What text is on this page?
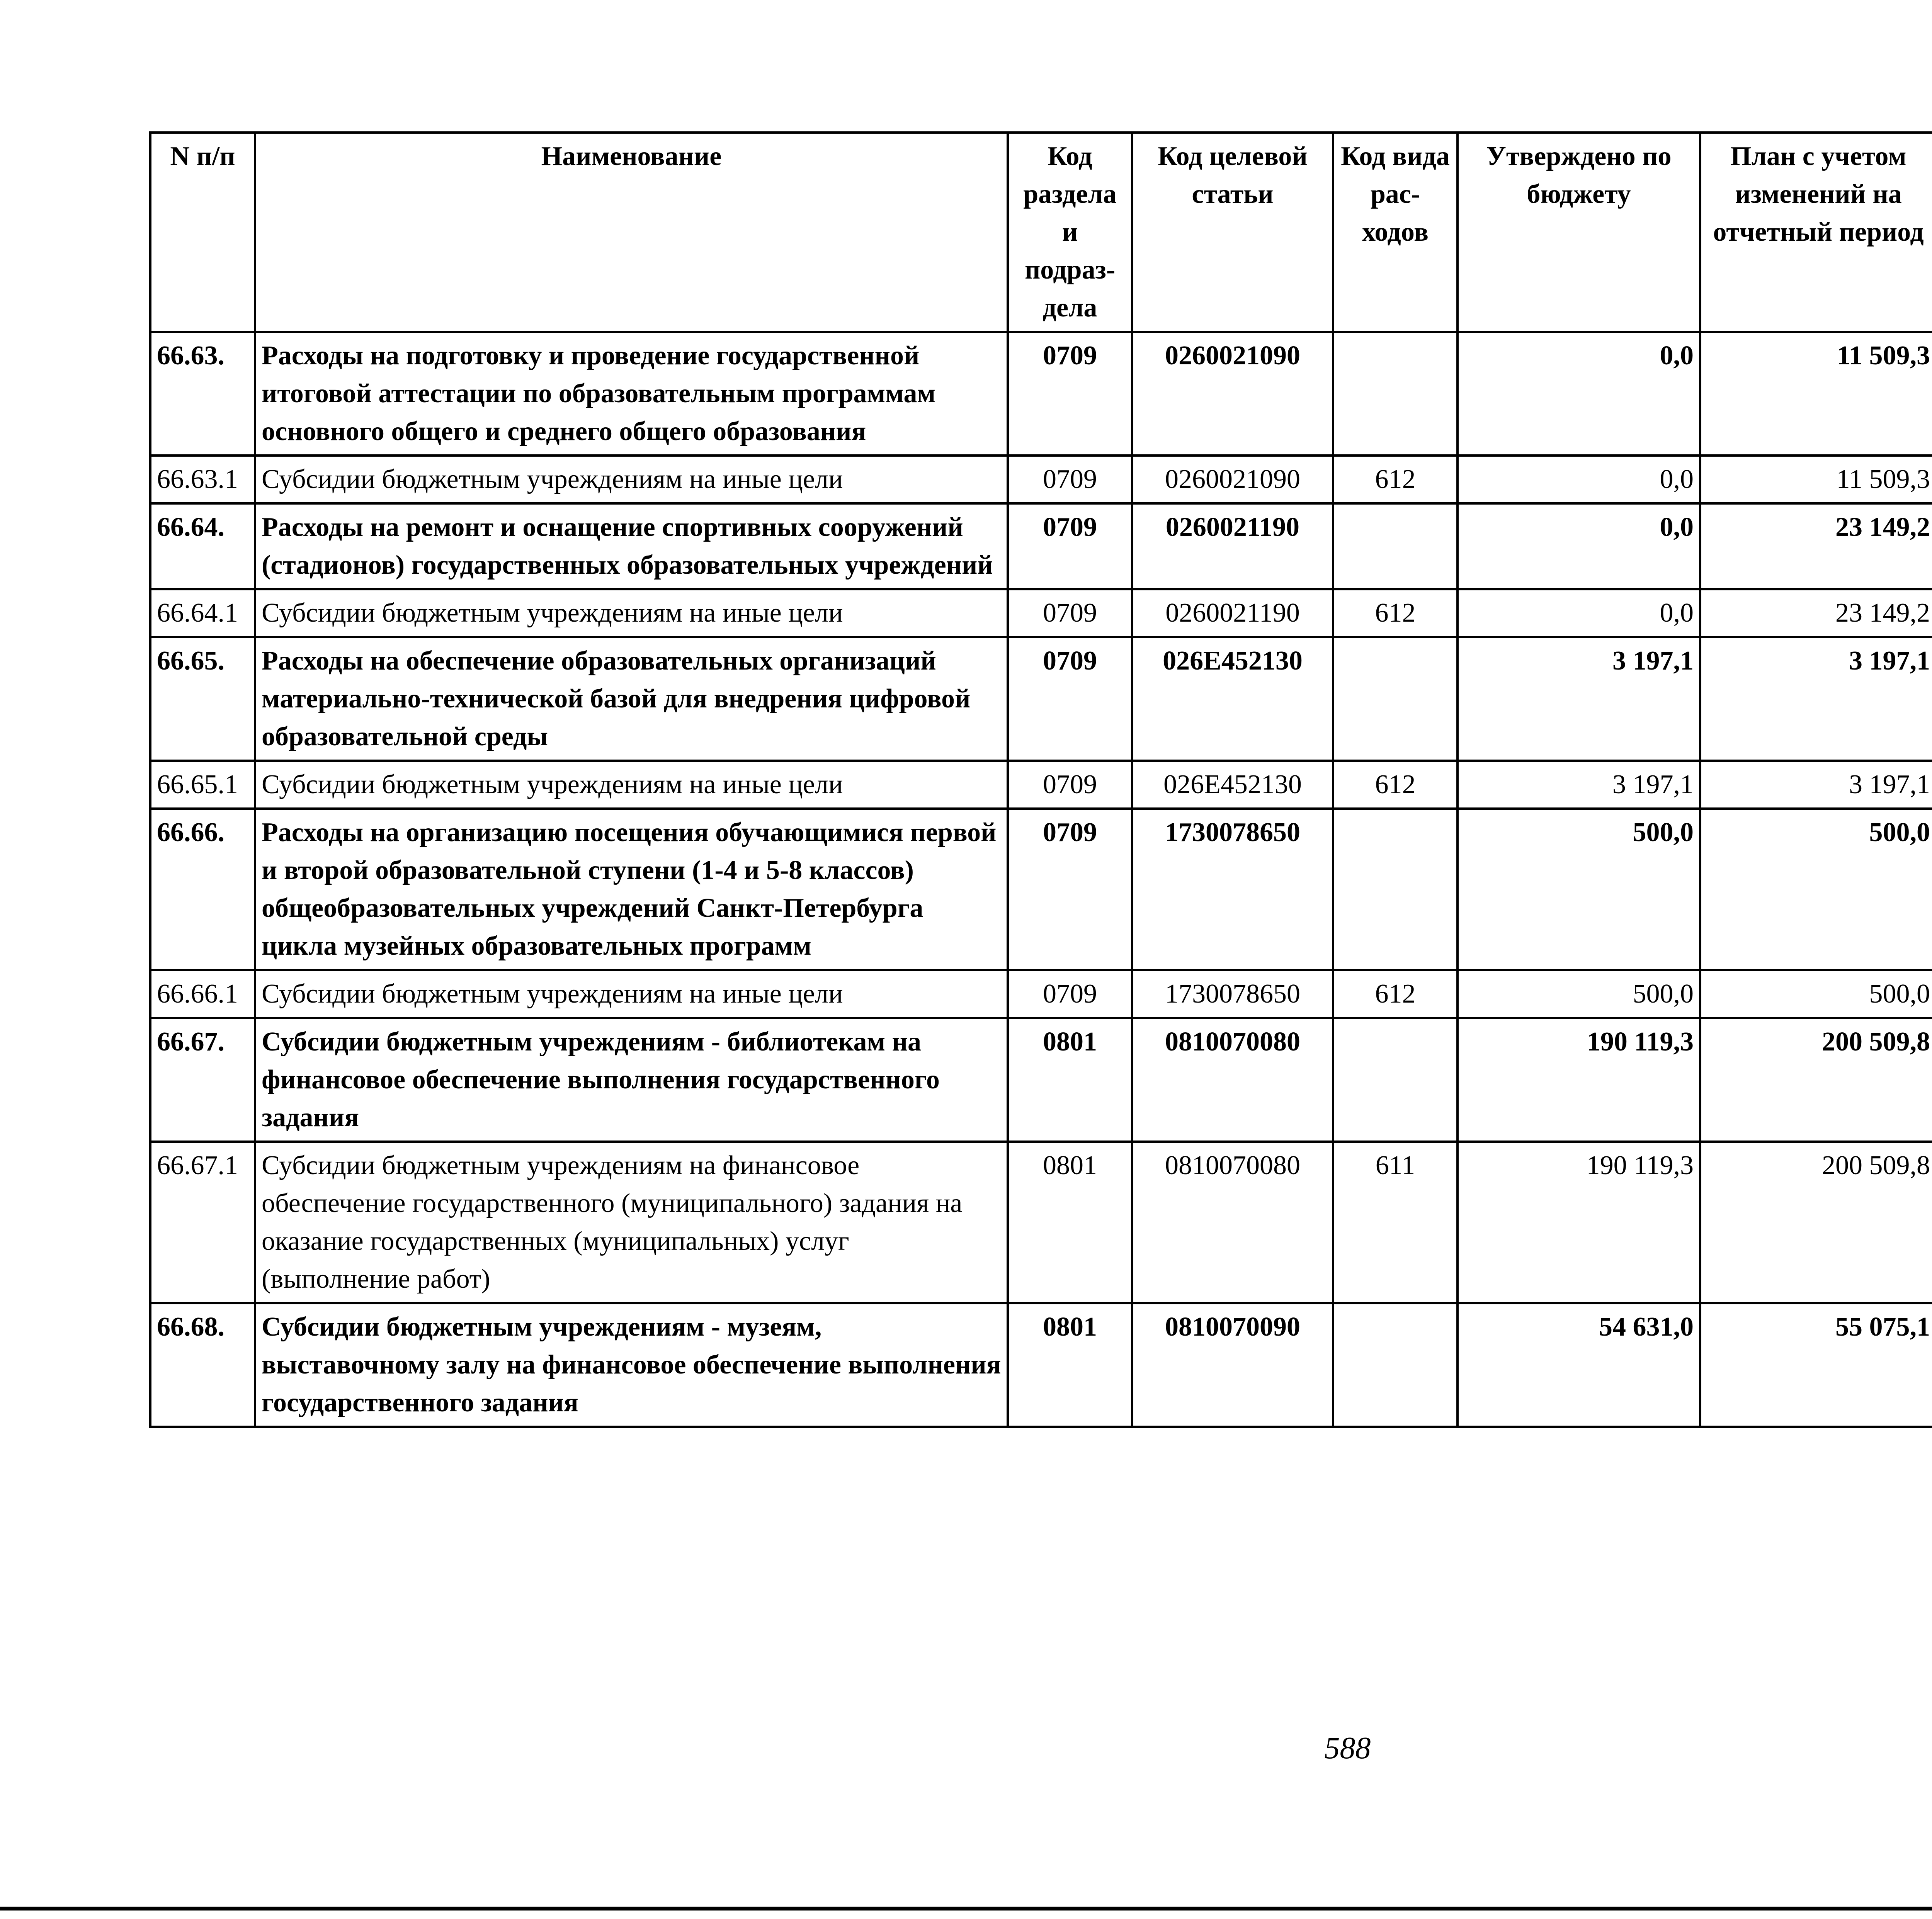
N п/п	Наименование	Код раздела и подраз- дела	Код целевой статьи	Код вида рас- ходов	Утверждено по бюджету	План с учетом изменений на отчетный период		

66.63.	Расходы на подготовку и проведение государственной итоговой аттестации по образовательным программам основного общего и среднего общего образования	0709	0260021090		0,0	11 509,3			
66.63.1	Субсидии бюджетным учреждениям на иные цели	0709	0260021090	612	0,0	11 509,3			
66.64.	Расходы на ремонт и оснащение спортивных сооружений (стадионов) государственных образовательных учреждений	0709	0260021190		0,0	23 149,2			
66.64.1	Субсидии бюджетным учреждениям на иные цели	0709	0260021190	612	0,0	23 149,2			
66.65.	Расходы на обеспечение образовательных организаций материально-технической базой для внедрения цифровой образовательной среды	0709	026E452130		3 197,1	3 197,1			
66.65.1	Субсидии бюджетным учреждениям на иные цели	0709	026E452130	612	3 197,1	3 197,1			
66.66.	Расходы на организацию посещения обучающимися первой и второй образовательной ступени (1-4 и 5-8 классов) общеобразовательных учреждений Санкт-Петербурга цикла музейных образовательных программ	0709	1730078650		500,0	500,0			
66.66.1	Субсидии бюджетным учреждениям на иные цели	0709	1730078650	612	500,0	500,0			
66.67.	Субсидии бюджетным учреждениям - библиотекам на финансовое обеспечение выполнения государственного задания	0801	0810070080		190 119,3	200 509,8			
66.67.1	Субсидии бюджетным учреждениям на финансовое обеспечение государственного (муниципального) задания на оказание государственных (муниципальных) услуг (выполнение работ)	0801	0810070080	611	190 119,3	200 509,8			
66.68.	Субсидии бюджетным учреждениям - музеям, выставочному залу на финансовое обеспечение выполнения государственного задания	0801	0810070090		54 631,0	55 075,1			
588
